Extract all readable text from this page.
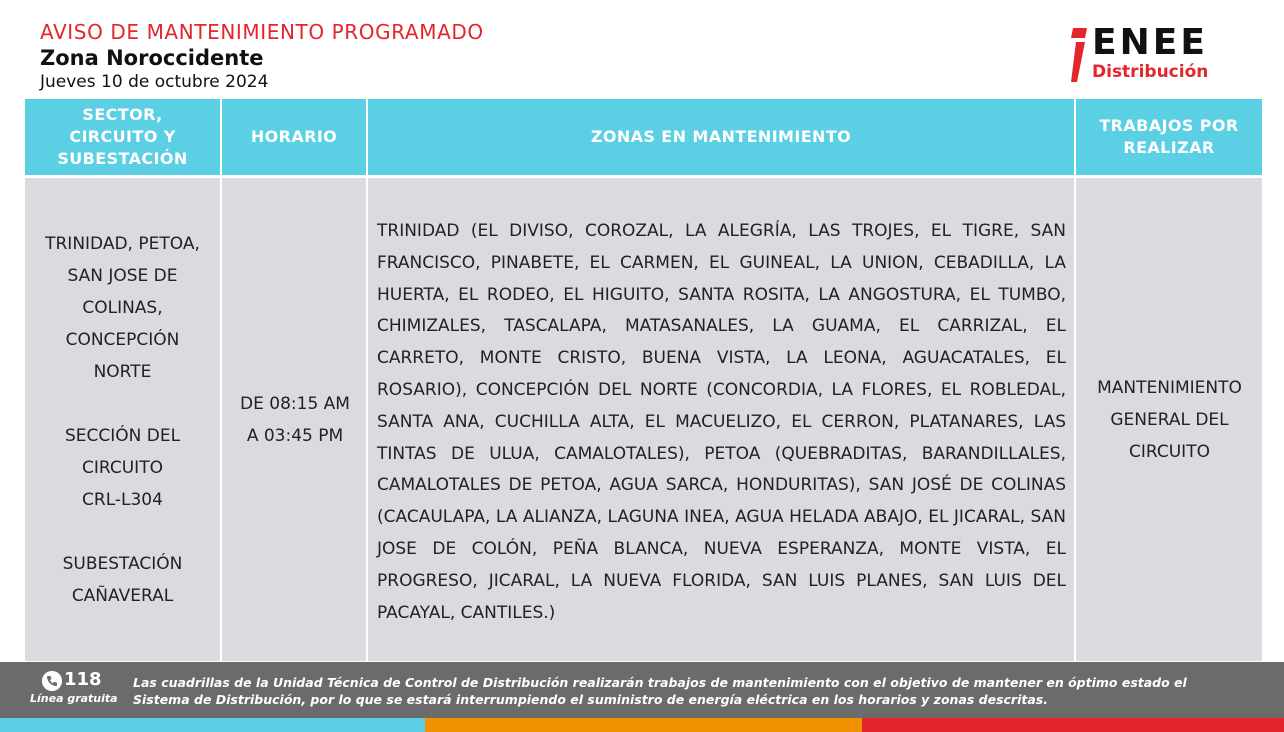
AVISO DE MANTENIMIENTO PROGRAMADO
Zona Noroccidente
Jueves 10 de octubre 2024
ENEE
Distribución
SECTOR,
CIRCUITO Y
SUBESTACIÓN
HORARIO	ZONAS EN MANTENIMIENTO
TRABAJOS POR
REALIZAR
TRINIDAD, PETOA,
SAN JOSE DE
COLINAS,
CONCEPCIÓN
NORTE
SECCIÓN DEL
CIRCUITO
CRL-L304
SUBESTACIÓN
CAÑAVERAL
DE 08:15 AM
A 03:45 PM
TRINIDAD (EL DIVISO, COROZAL, LA ALEGRÍA, LAS TROJES, EL TIGRE, SAN FRANCISCO, PINABETE, EL CARMEN, EL GUINEAL, LA UNION, CEBADILLA, LA HUERTA, EL RODEO, EL HIGUITO, SANTA ROSITA, LA ANGOSTURA, EL TUMBO, CHIMIZALES, TASCALAPA, MATASANALES, LA GUAMA, EL CARRIZAL, EL CARRETO, MONTE CRISTO, BUENA VISTA, LA LEONA, AGUACATALES, EL ROSARIO), CONCEPCIÓN DEL NORTE (CONCORDIA, LA FLORES, EL ROBLEDAL, SANTA ANA, CUCHILLA ALTA, EL MACUELIZO, EL CERRON, PLATANARES, LAS TINTAS DE ULUA, CAMALOTALES), PETOA (QUEBRADITAS, BARANDILLALES, CAMALOTALES DE PETOA, AGUA SARCA, HONDURITAS), SAN JOSÉ DE COLINAS (CACAULAPA, LA ALIANZA, LAGUNA INEA, AGUA HELADA ABAJO, EL JICARAL, SAN JOSE DE COLÓN, PEÑA BLANCA, NUEVA ESPERANZA, MONTE VISTA, EL PROGRESO, JICARAL, LA NUEVA FLORIDA, SAN LUIS PLANES, SAN LUIS DEL PACAYAL, CANTILES.)
MANTENIMIENTO
GENERAL DEL
CIRCUITO
118
Línea gratuita
Las cuadrillas de la Unidad Técnica de Control de Distribución realizarán trabajos de mantenimiento con el objetivo de mantener en óptimo estado el Sistema de Distribución, por lo que se estará interrumpiendo el suministro de energía eléctrica en los horarios y zonas descritas.
